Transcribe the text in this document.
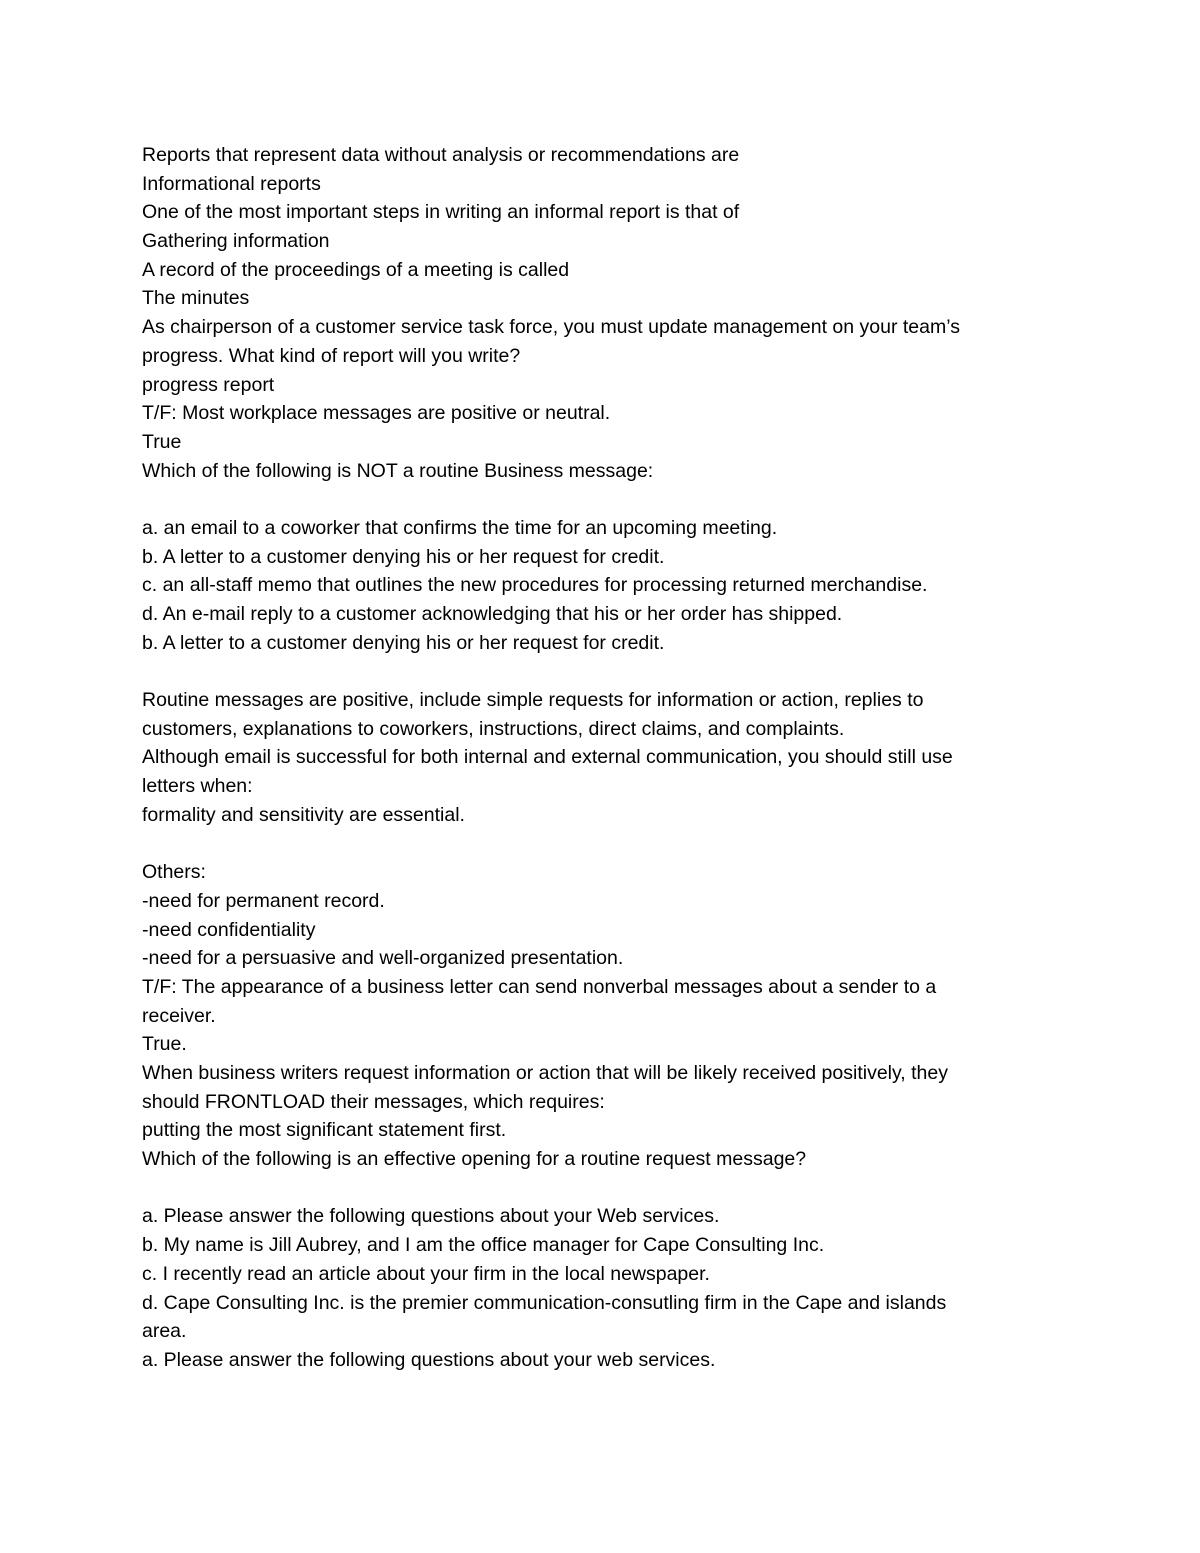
Reports that represent data without analysis or recommendations are
Informational reports
One of the most important steps in writing an informal report is that of
Gathering information
A record of the proceedings of a meeting is called
The minutes
As chairperson of a customer service task force, you must update management on your team’s
progress. What kind of report will you write?
progress report
T/F: Most workplace messages are positive or neutral.
True
Which of the following is NOT a routine Business message:
a. an email to a coworker that confirms the time for an upcoming meeting.
b. A letter to a customer denying his or her request for credit.
c. an all-staff memo that outlines the new procedures for processing returned merchandise.
d. An e-mail reply to a customer acknowledging that his or her order has shipped.
b. A letter to a customer denying his or her request for credit.
Routine messages are positive, include simple requests for information or action, replies to
customers, explanations to coworkers, instructions, direct claims, and complaints.
Although email is successful for both internal and external communication, you should still use
letters when:
formality and sensitivity are essential.
Others:
-need for permanent record.
-need confidentiality
-need for a persuasive and well-organized presentation.
T/F: The appearance of a business letter can send nonverbal messages about a sender to a
receiver.
True.
When business writers request information or action that will be likely received positively, they
should FRONTLOAD their messages, which requires:
putting the most significant statement first.
Which of the following is an effective opening for a routine request message?
a. Please answer the following questions about your Web services.
b. My name is Jill Aubrey, and I am the office manager for Cape Consulting Inc.
c. I recently read an article about your firm in the local newspaper.
d. Cape Consulting Inc. is the premier communication-consutling firm in the Cape and islands
area.
a. Please answer the following questions about your web services.
